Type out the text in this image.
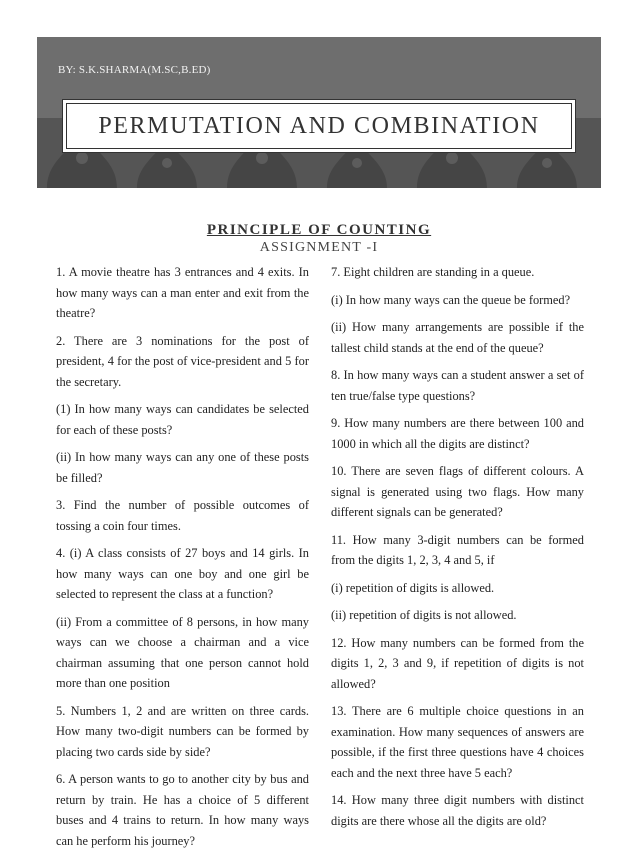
BY: S.K.SHARMA(M.SC,B.ED)
PERMUTATION AND COMBINATION
PRINCIPLE OF COUNTING
ASSIGNMENT -I

1. A movie theatre has 3 entrances and 4 exits. In how many ways can a man enter and exit from the theatre?

2. There are 3 nominations for the post of president, 4 for the post of vice-president and 5 for the secretary.

(1) In how many ways can candidates be selected for each of these posts?

(ii) In how many ways can any one of these posts be filled?

3. Find the number of possible outcomes of tossing a coin four times.

4. (i) A class consists of 27 boys and 14 girls. In how many ways can one boy and one girl be selected to represent the class at a function?

(ii) From a committee of 8 persons, in how many ways can we choose a chairman and a vice chairman assuming that one person cannot hold more than one position

5. Numbers 1, 2 and are written on three cards. How many two-digit numbers can be formed by placing two cards side by side?

6. A person wants to go to another city by bus and return by train. He has a choice of 5 different buses and 4 trains to return. In how many ways can he perform his journey?

7. Eight children are standing in a queue.

(i) In how many ways can the queue be formed?

(ii) How many arrangements are possible if the tallest child stands at the end of the queue?

8. In how many ways can a student answer a set of ten true/false type questions?

9. How many numbers are there between 100 and 1000 in which all the digits are distinct?

10. There are seven flags of different colours. A signal is generated using two flags. How many different signals can be generated?

11. How many 3-digit numbers can be formed from the digits 1, 2, 3, 4 and 5, if

(i) repetition of digits is allowed.

(ii) repetition of digits is not allowed.

12. How many numbers can be formed from the digits 1, 2, 3 and 9, if repetition of digits is not allowed?

13. There are 6 multiple choice questions in an examination. How many sequences of answers are possible, if the first three questions have 4 choices each and the next three have 5 each?

14. How many three digit numbers with distinct digits are there whose all the digits are old?
